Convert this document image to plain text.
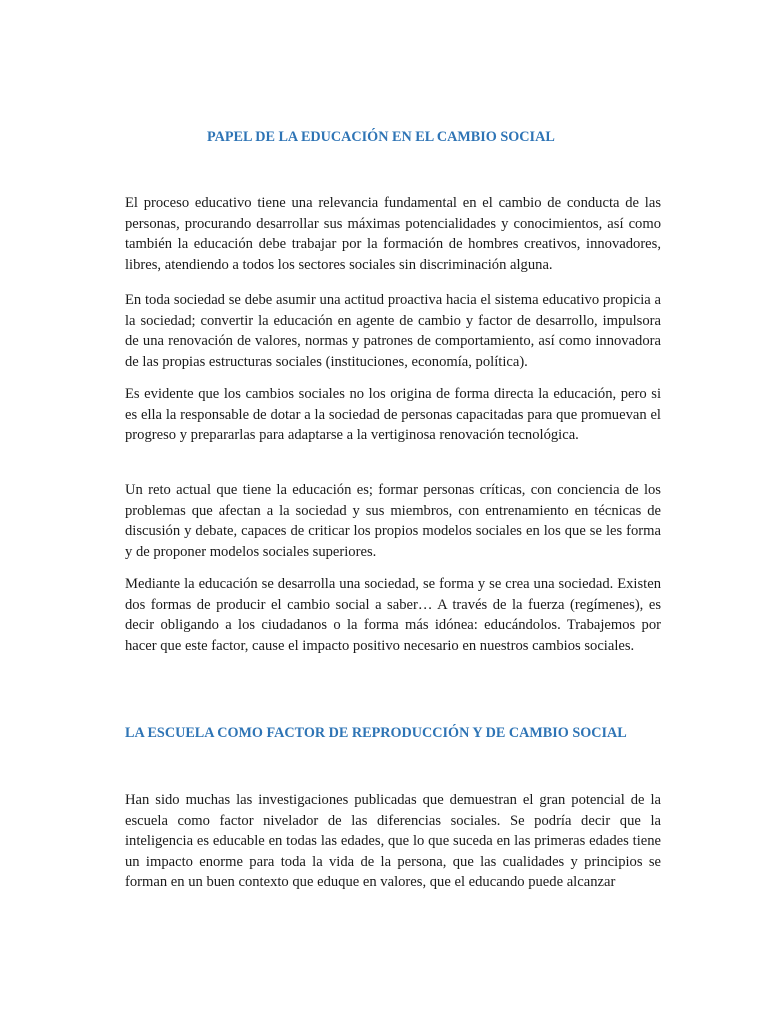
PAPEL DE LA EDUCACIÓN EN EL CAMBIO SOCIAL

El proceso educativo tiene una relevancia fundamental en el cambio de conducta de las personas, procurando desarrollar sus máximas potencialidades y conocimientos, así como también la educación debe trabajar por la formación de hombres creativos, innovadores, libres, atendiendo a todos los sectores sociales sin discriminación alguna.

En toda sociedad se debe asumir una actitud proactiva hacia el sistema educativo propicia a la sociedad; convertir la educación en agente de cambio y factor de desarrollo, impulsora de una renovación de valores, normas y patrones de comportamiento, así como innovadora de las propias estructuras sociales (instituciones, economía, política).

Es evidente que los cambios sociales no los origina de forma directa la educación, pero si es ella la responsable de dotar a la sociedad de personas capacitadas para que promuevan el progreso y prepararlas para adaptarse a la vertiginosa renovación tecnológica.

Un reto actual que tiene la educación es; formar personas críticas, con conciencia de los problemas que afectan a la sociedad y sus miembros, con entrenamiento en técnicas de discusión y debate, capaces de criticar los propios modelos sociales en los que se les forma y de proponer modelos sociales superiores.

Mediante la educación se desarrolla una sociedad, se forma y se crea una sociedad. Existen dos formas de producir el cambio social a saber… A través de la fuerza (regímenes), es decir obligando a los ciudadanos o la forma más idónea: educándolos. Trabajemos por hacer que este factor, cause el impacto positivo necesario en nuestros cambios sociales.

LA ESCUELA COMO FACTOR DE REPRODUCCIÓN Y DE CAMBIO SOCIAL

Han sido muchas las investigaciones publicadas que demuestran el gran potencial de la escuela como factor nivelador de las diferencias sociales. Se podría decir que la inteligencia es educable en todas las edades, que lo que suceda en las primeras edades tiene un impacto enorme para toda la vida de la persona, que las cualidades y principios se forman en un buen contexto que eduque en valores, que el educando puede alcanzar
